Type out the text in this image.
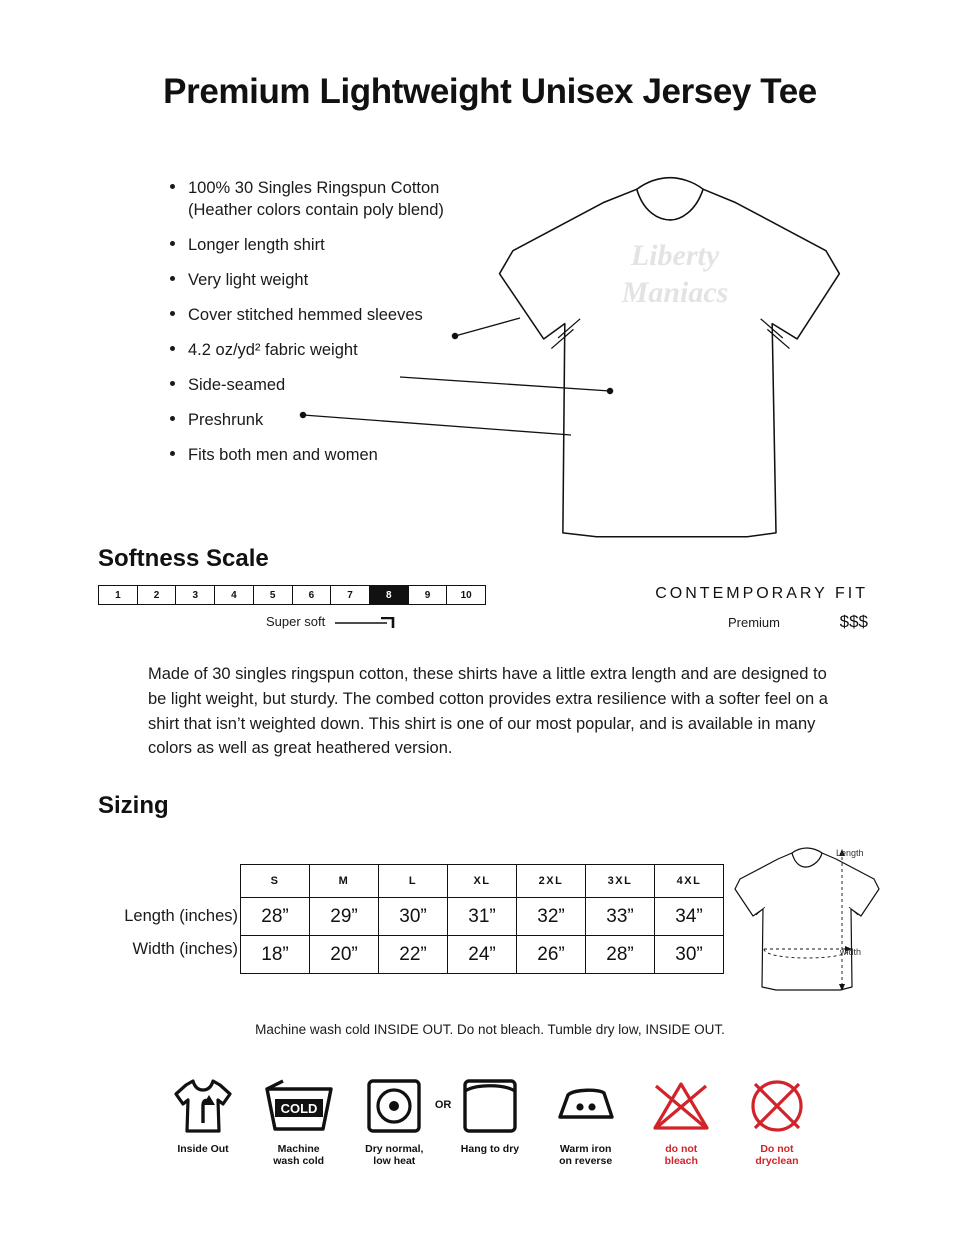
Premium Lightweight Unisex Jersey Tee
100% 30 Singles Ringspun Cotton
(Heather colors contain poly blend)
Longer length shirt
Very light weight
Cover stitched hemmed sleeves
4.2 oz/yd² fabric weight
Side-seamed
Preshrunk
Fits both men and women
Liberty
Maniacs
Softness Scale
1	2	3	4	5	6	7	8	9	10
Super soft
CONTEMPORARY FIT
Premium	$$$
Made of 30 singles ringspun cotton, these shirts have a little extra length and are designed to be light weight, but sturdy. The combed cotton provides extra resilience with a softer feel on a shirt that isn’t weighted down. This shirt is one of our most popular, and is available in many colors as well as great heathered version.
Sizing
Length (inches)
Width (inches)
S	M	L	XL	2XL	3XL	4XL
28”	29”	30”	31”	32”	33”	34”
18”	20”	22”	24”	26”	28”	30”
Length
width
Machine wash cold INSIDE OUT. Do not bleach. Tumble dry low, INSIDE OUT.
Inside Out
COLD
Machine
wash cold
OR
Dry normal,
low heat
Hang to dry	Warm iron
on reverse
do not
bleach
Do not
dryclean
